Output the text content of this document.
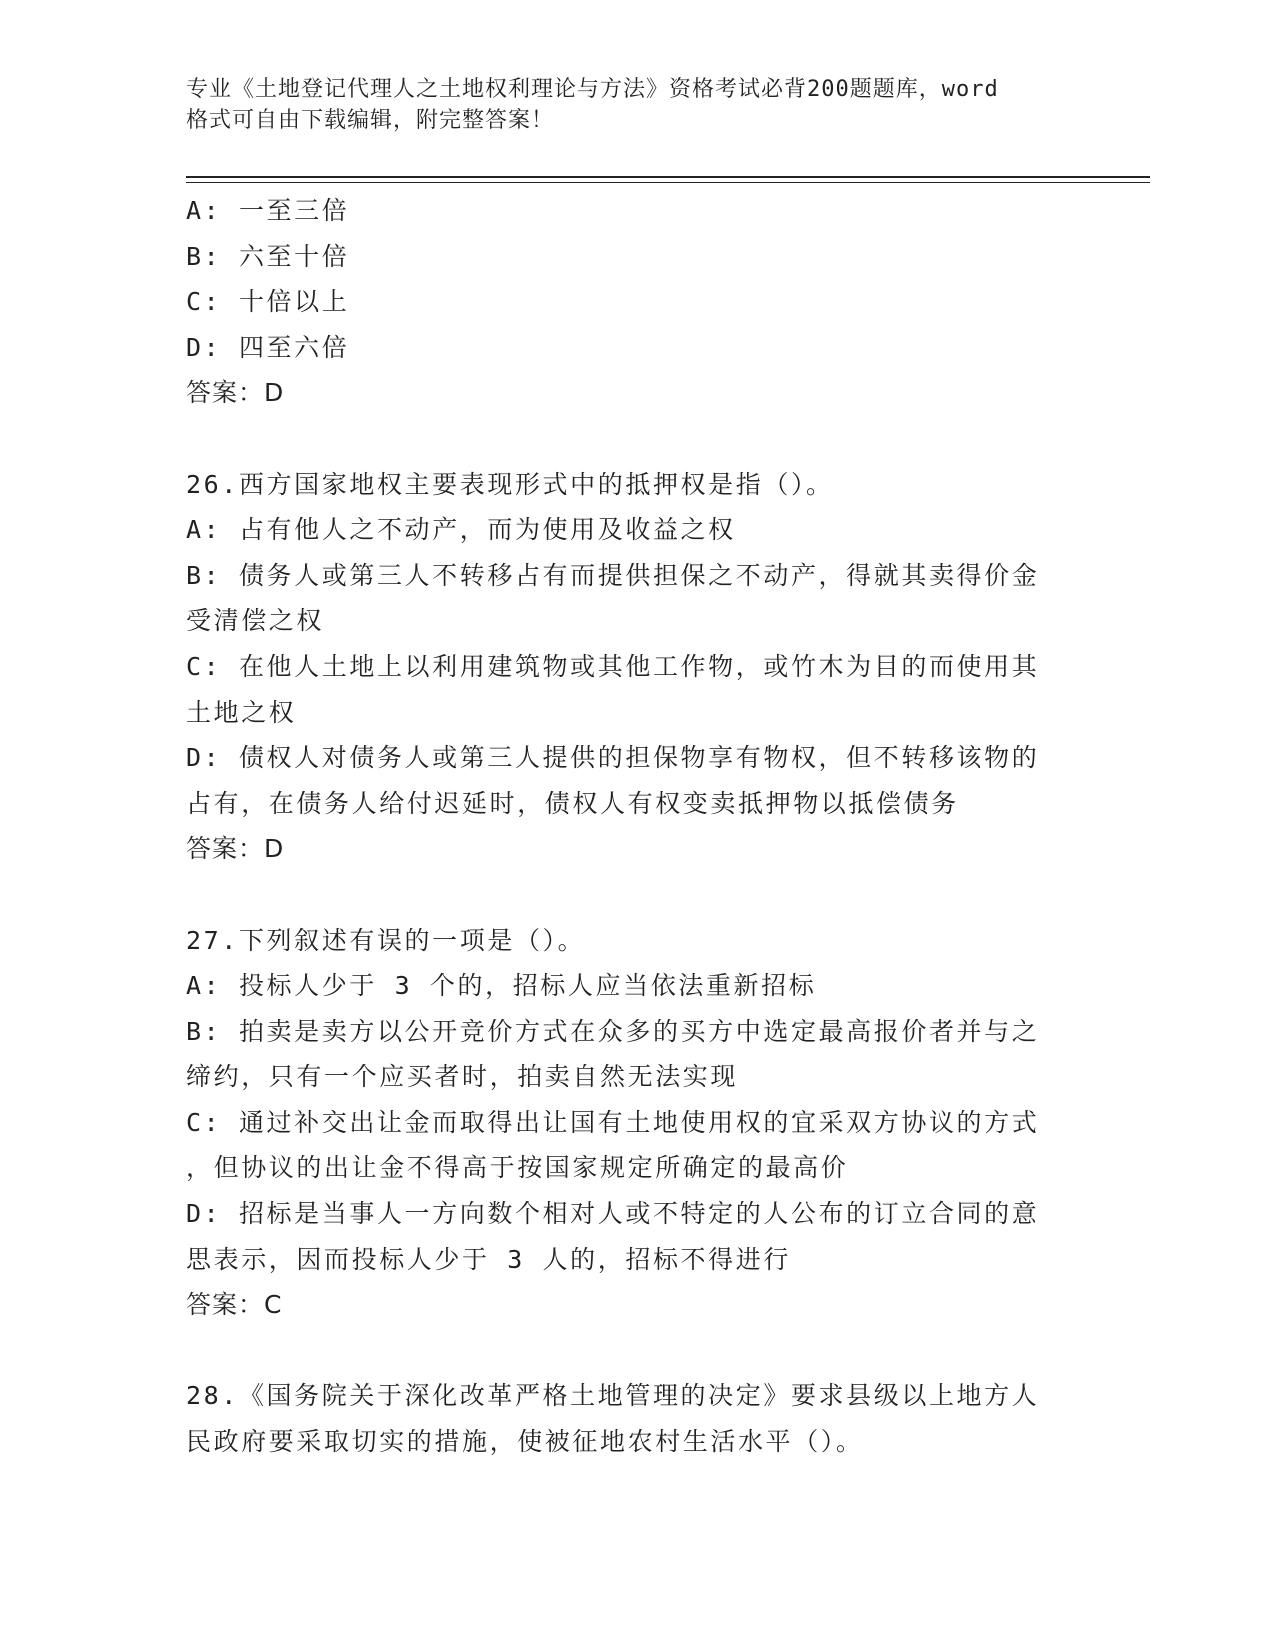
专业《土地登记代理人之土地权利理论与方法》资格考试必背200题题库，word
格式可自由下载编辑，附完整答案！
A: 一至三倍
B: 六至十倍
C: 十倍以上
D: 四至六倍
答案：D
26.西方国家地权主要表现形式中的抵押权是指（）。
A: 占有他人之不动产，而为使用及收益之权
B: 债务人或第三人不转移占有而提供担保之不动产，得就其卖得价金
受清偿之权
C: 在他人土地上以利用建筑物或其他工作物，或竹木为目的而使用其
土地之权
D: 债权人对债务人或第三人提供的担保物享有物权，但不转移该物的
占有，在债务人给付迟延时，债权人有权变卖抵押物以抵偿债务
答案：D
27.下列叙述有误的一项是（）。
A: 投标人少于 3 个的，招标人应当依法重新招标
B: 拍卖是卖方以公开竞价方式在众多的买方中选定最高报价者并与之
缔约，只有一个应买者时，拍卖自然无法实现
C: 通过补交出让金而取得出让国有土地使用权的宜采双方协议的方式
，但协议的出让金不得高于按国家规定所确定的最高价
D: 招标是当事人一方向数个相对人或不特定的人公布的订立合同的意
思表示，因而投标人少于 3 人的，招标不得进行
答案：C
28.《国务院关于深化改革严格土地管理的决定》要求县级以上地方人
民政府要采取切实的措施，使被征地农村生活水平（）。
